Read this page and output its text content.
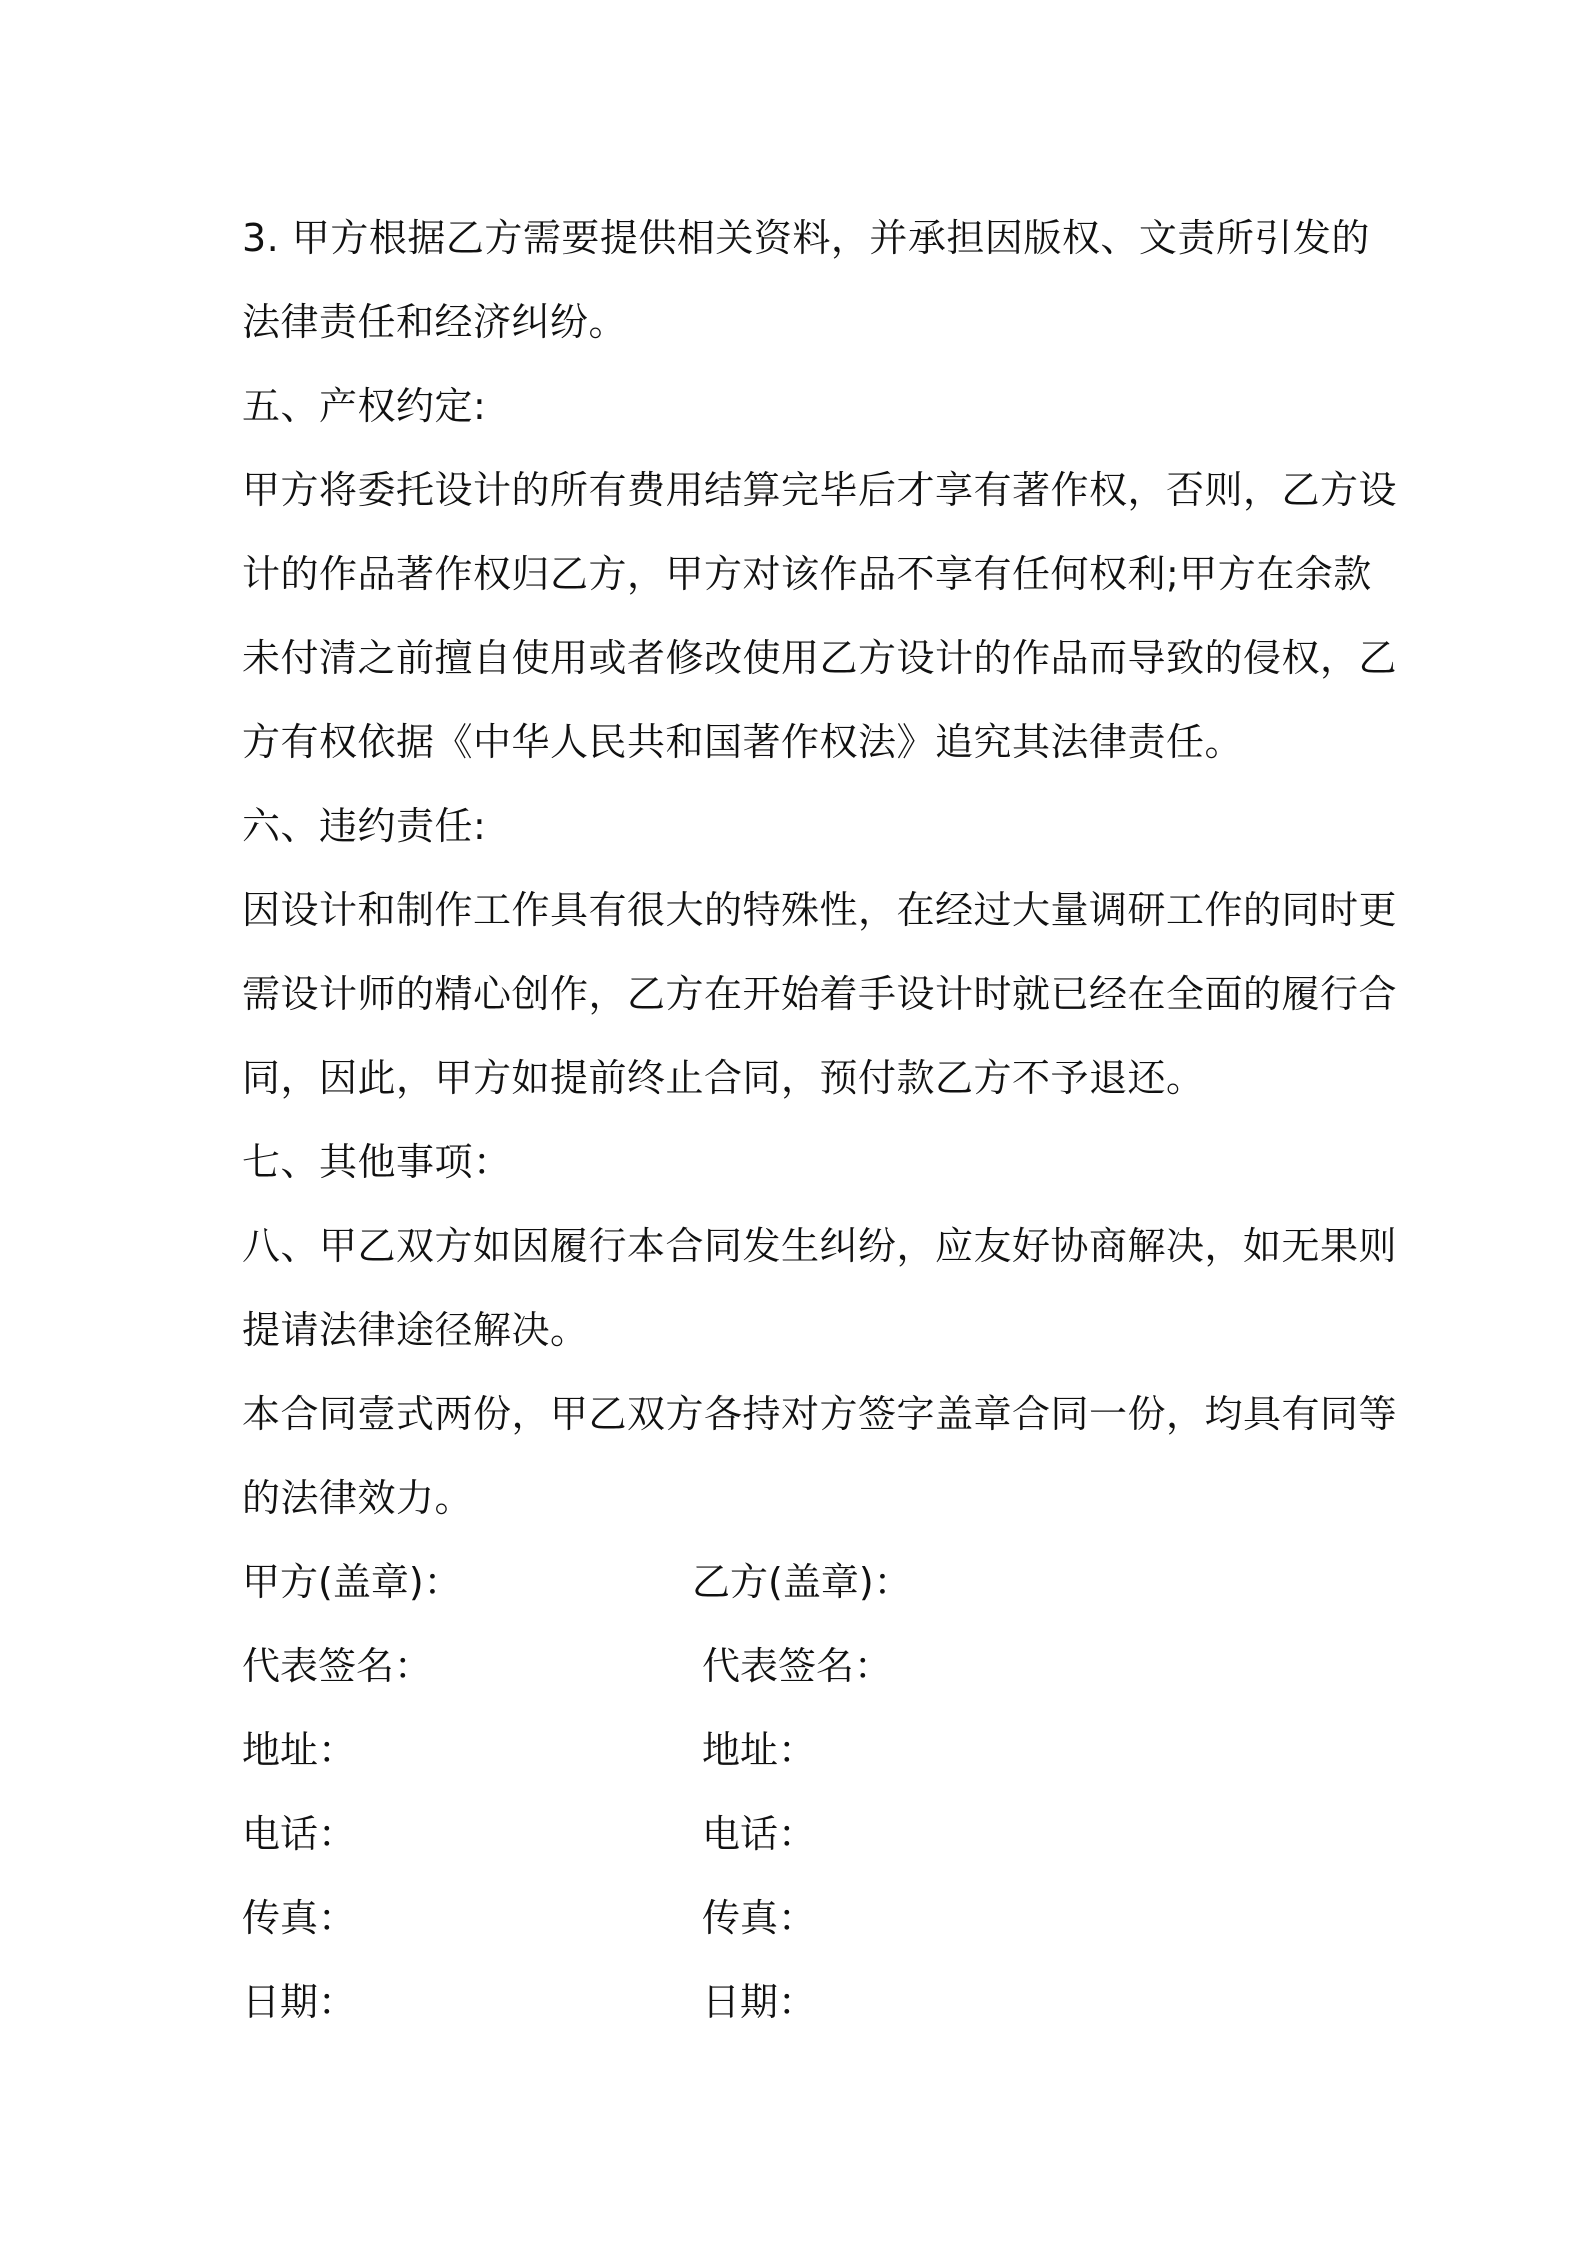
3. 甲方根据乙方需要提供相关资料，并承担因版权、文责所引发的
法律责任和经济纠纷。
五、产权约定:
甲方将委托设计的所有费用结算完毕后才享有著作权，否则，乙方设
计的作品著作权归乙方，甲方对该作品不享有任何权利;甲方在余款
未付清之前擅自使用或者修改使用乙方设计的作品而导致的侵权，乙
方有权依据《中华人民共和国著作权法》追究其法律责任。
六、违约责任:
因设计和制作工作具有很大的特殊性，在经过大量调研工作的同时更
需设计师的精心创作，乙方在开始着手设计时就已经在全面的履行合
同，因此，甲方如提前终止合同，预付款乙方不予退还。
七、其他事项：
八、甲乙双方如因履行本合同发生纠纷，应友好协商解决，如无果则
提请法律途径解决。
本合同壹式两份，甲乙双方各持对方签字盖章合同一份，均具有同等
的法律效力。
甲方(盖章)：	乙方(盖章)：
代表签名：	代表签名：
地址：	地址：
电话：	电话：
传真：	传真：
日期：	日期：
